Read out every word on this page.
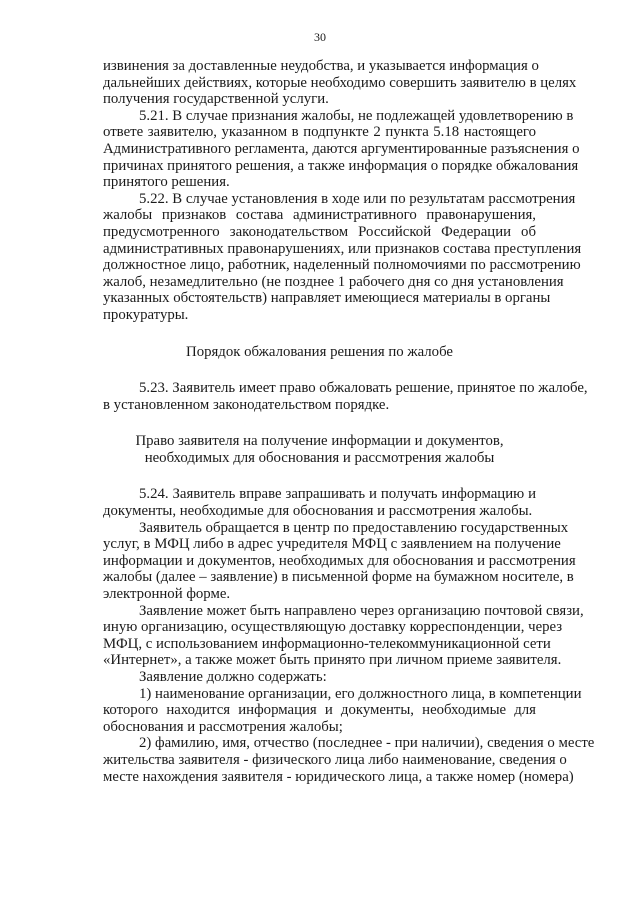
30
извинения за доставленные неудобства, и указывается информация о
дальнейших действиях, которые необходимо совершить заявителю в целях
получения государственной услуги.
5.21. В случае признания жалобы, не подлежащей удовлетворению в
ответе заявителю, указанном в подпункте 2 пункта 5.18 настоящего
Административного регламента, даются аргументированные разъяснения о
причинах принятого решения, а также информация о порядке обжалования
принятого решения.
5.22. В случае установления в ходе или по результатам рассмотрения
жалобы признаков состава административного правонарушения,
предусмотренного законодательством Российской Федерации об
административных правонарушениях, или признаков состава преступления
должностное лицо, работник, наделенный полномочиями по рассмотрению
жалоб, незамедлительно (не позднее 1 рабочего дня со дня установления
указанных обстоятельств) направляет имеющиеся материалы в органы
прокуратуры.
Порядок обжалования решения по жалобе
5.23. Заявитель имеет право обжаловать решение, принятое по жалобе,
в установленном законодательством порядке.
Право заявителя на получение информации и документов,
необходимых для обоснования и рассмотрения жалобы
5.24. Заявитель вправе запрашивать и получать информацию и
документы, необходимые для обоснования и рассмотрения жалобы.
Заявитель обращается в центр по предоставлению государственных
услуг, в МФЦ либо в адрес учредителя МФЦ с заявлением на получение
информации и документов, необходимых для обоснования и рассмотрения
жалобы (далее – заявление) в письменной форме на бумажном носителе, в
электронной форме.
Заявление может быть направлено через организацию почтовой связи,
иную организацию, осуществляющую доставку корреспонденции, через
МФЦ, с использованием информационно-телекоммуникационной сети
«Интернет», а также может быть принято при личном приеме заявителя.
Заявление должно содержать:
1) наименование организации, его должностного лица, в компетенции
которого находится информация и документы, необходимые для
обоснования и рассмотрения жалобы;
2) фамилию, имя, отчество (последнее - при наличии), сведения о месте
жительства заявителя - физического лица либо наименование, сведения о
месте нахождения заявителя - юридического лица, а также номер (номера)
